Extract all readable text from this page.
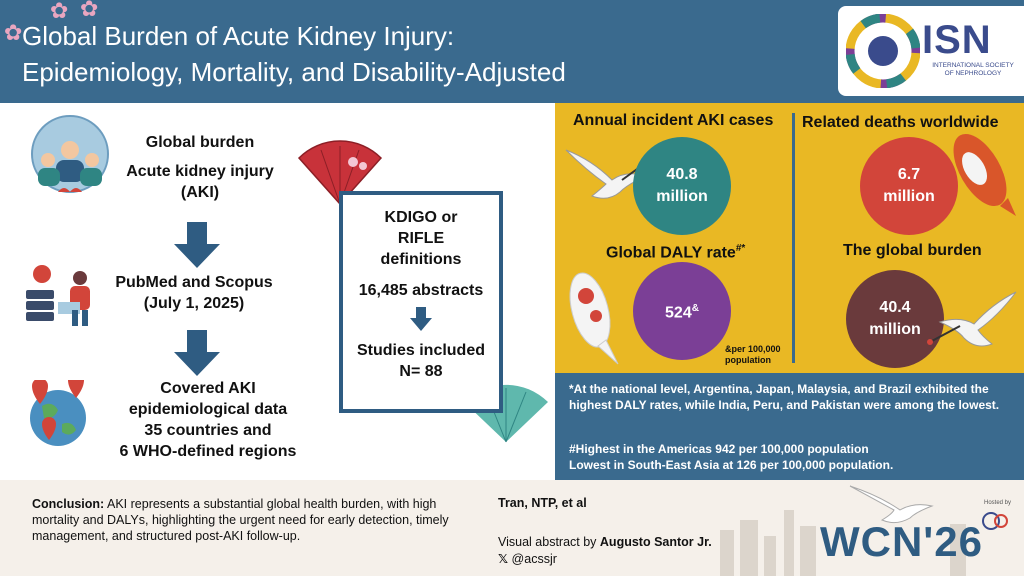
Global Burden of Acute Kidney Injury:
Epidemiology, Mortality, and Disability-Adjusted
✿
✿ ✿
ISN
INTERNATIONAL SOCIETY OF NEPHROLOGY
Global burden
Acute kidney injury
(AKI)
PubMed and Scopus
(July 1, 2025)
Covered AKI
epidemiological data
35 countries and
6 WHO-defined regions
KDIGO or
RIFLE
definitions
16,485 abstracts
Studies included
N= 88
Annual incident AKI cases Related deaths worldwide
40.8
million
6.7
million
Global DALY rate#*	The global burden
524&
&per 100,000
population
40.4
million
*At the national level, Argentina, Japan, Malaysia, and Brazil exhibited the highest DALY rates, while India, Peru, and Pakistan were among the lowest.
#Highest in the Americas 942 per 100,000 population
Lowest in South-East Asia at 126 per 100,000 population.
Conclusion: AKI represents a substantial global health burden, with high mortality and DALYs, highlighting the urgent need for early detection, timely management, and structured post-AKI follow-up.
Tran, NTP, et al
Visual abstract by Augusto Santor Jr.
𝕏 @acssjr
Hosted by
WCN'26
